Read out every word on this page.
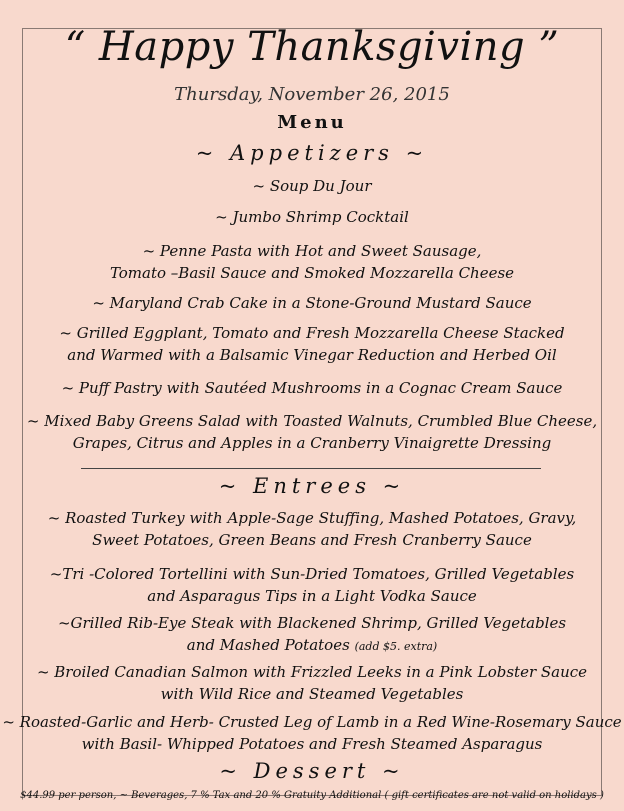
“ Happy Thanksgiving ”
Thursday, November 26, 2015
Menu
~ Appetizers ~
~ Soup Du Jour
~ Jumbo Shrimp Cocktail
~ Penne Pasta with Hot and Sweet Sausage,
Tomato –Basil Sauce and Smoked Mozzarella Cheese
~ Maryland Crab Cake in a Stone-Ground Mustard Sauce
~ Grilled Eggplant, Tomato and Fresh Mozzarella Cheese Stacked
and Warmed with a Balsamic Vinegar Reduction and Herbed Oil
~ Puff Pastry with Sautéed Mushrooms in a Cognac Cream Sauce
~ Mixed Baby Greens Salad with Toasted Walnuts, Crumbled Blue Cheese,
Grapes, Citrus and Apples in a Cranberry Vinaigrette Dressing
~ Entrees ~
~ Roasted Turkey with Apple-Sage Stuffing, Mashed Potatoes, Gravy,
Sweet Potatoes, Green Beans and Fresh Cranberry Sauce
~Tri -Colored Tortellini with Sun-Dried Tomatoes, Grilled Vegetables
and Asparagus Tips in a Light Vodka Sauce
~Grilled Rib-Eye Steak with Blackened Shrimp, Grilled Vegetables
and Mashed Potatoes (add $5. extra)
~ Broiled Canadian Salmon with Frizzled Leeks in a Pink Lobster Sauce
with Wild Rice and Steamed Vegetables
~ Roasted-Garlic and Herb- Crusted Leg of Lamb in a Red Wine-Rosemary Sauce
with Basil- Whipped Potatoes and Fresh Steamed Asparagus
~ Dessert ~
$44.99 per person, ~ Beverages, 7 % Tax and 20 % Gratuity Additional ( gift certificates are not valid on holidays )
